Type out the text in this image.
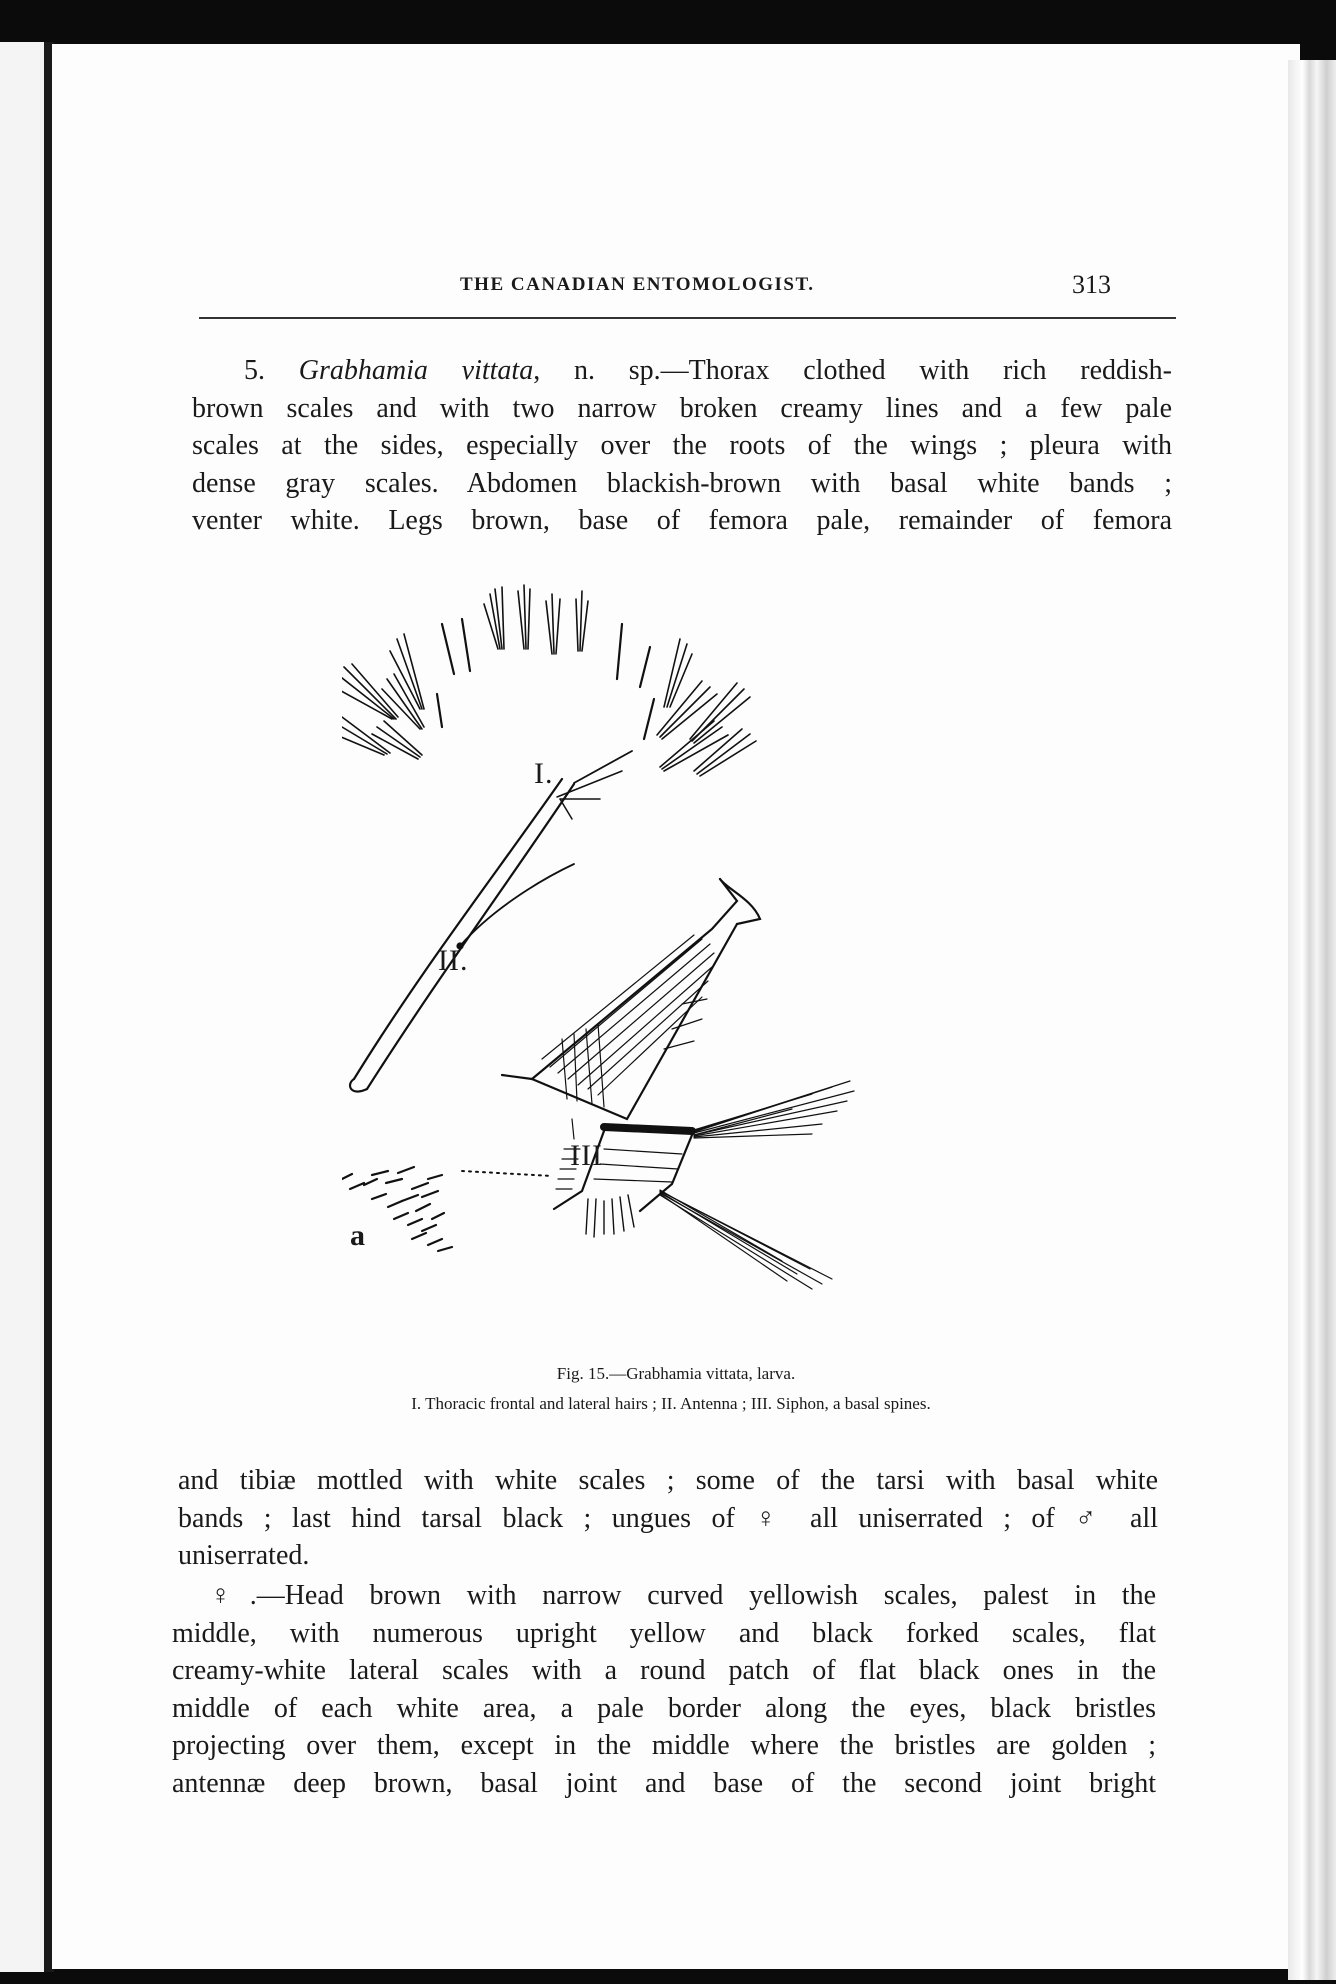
THE CANADIAN ENTOMOLOGIST.	313

5. Grabhamia vittata, n. sp.—Thorax clothed with rich reddish-
brown scales and with two narrow broken creamy lines and a few pale
scales at the sides, especially over the roots of the wings ; pleura with
dense gray scales. Abdomen blackish-brown with basal white bands ;
venter white. Legs brown, base of femora pale, remainder of femora

I.
II.
III
a
Fig. 15.—Grabhamia vittata, larva.
I. Thoracic frontal and lateral hairs ; II. Antenna ; III. Siphon, a basal spines.

and tibiæ mottled with white scales ; some of the tarsi with basal white
bands ; last hind tarsal black ; ungues of ♀ all uniserrated ; of ♂ all
uniserrated.

♀.—Head brown with narrow curved yellowish scales, palest in the
middle, with numerous upright yellow and black forked scales, flat
creamy-white lateral scales with a round patch of flat black ones in the
middle of each white area, a pale border along the eyes, black bristles
projecting over them, except in the middle where the bristles are golden ;
antennæ deep brown, basal joint and base of the second joint bright
